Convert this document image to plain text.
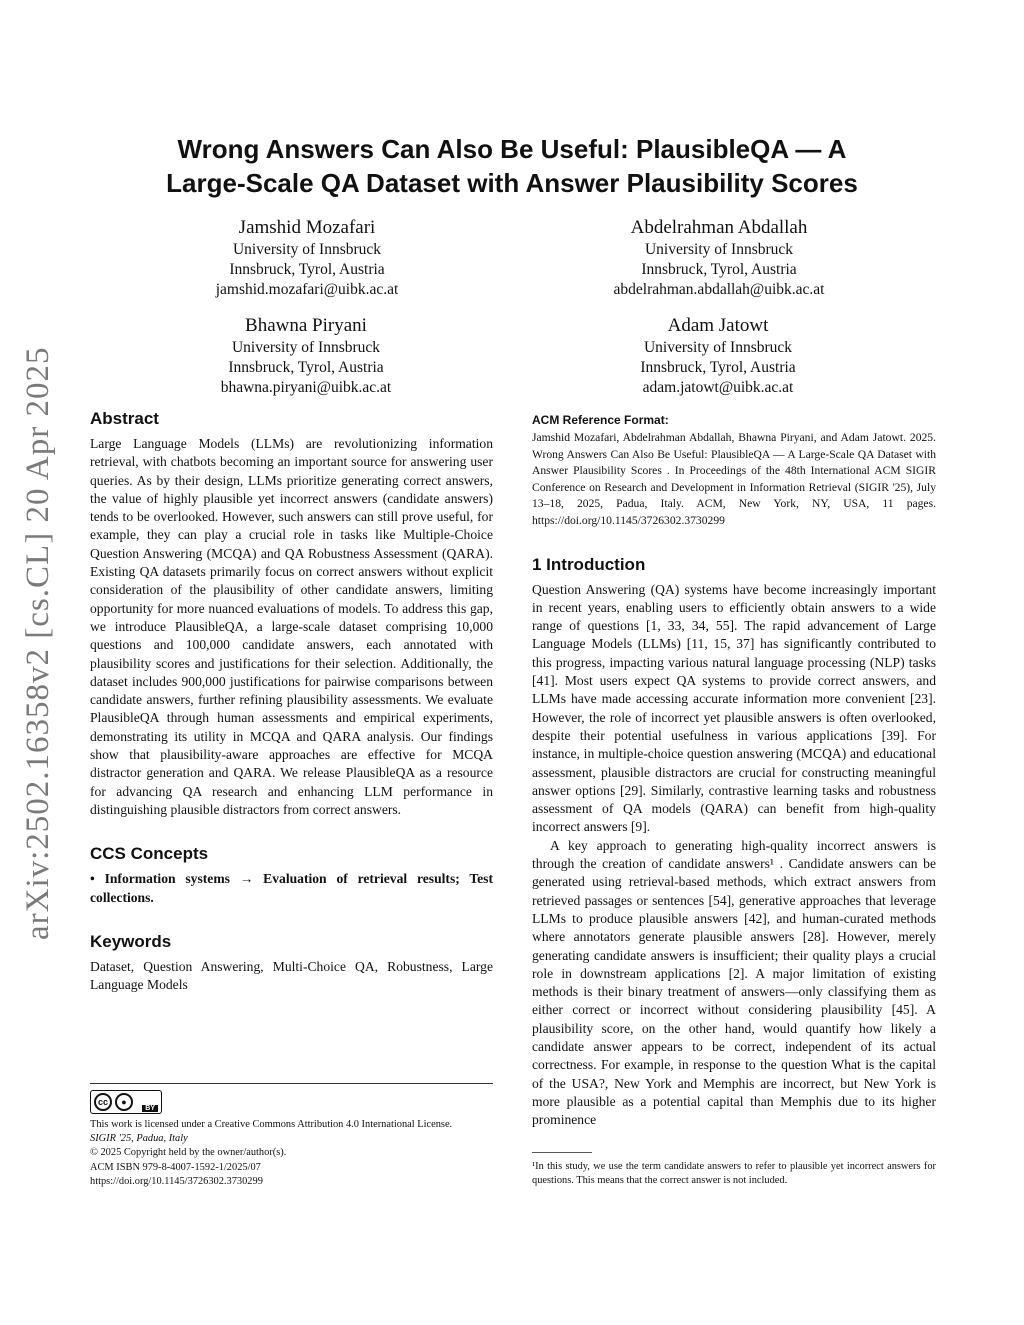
arXiv:2502.16358v2 [cs.CL] 20 Apr 2025
Wrong Answers Can Also Be Useful: PlausibleQA — A
Large-Scale QA Dataset with Answer Plausibility Scores
Jamshid Mozafari
University of Innsbruck
Innsbruck, Tyrol, Austria
jamshid.mozafari@uibk.ac.at
Abdelrahman Abdallah
University of Innsbruck
Innsbruck, Tyrol, Austria
abdelrahman.abdallah@uibk.ac.at
Bhawna Piryani
University of Innsbruck
Innsbruck, Tyrol, Austria
bhawna.piryani@uibk.ac.at
Adam Jatowt
University of Innsbruck
Innsbruck, Tyrol, Austria
adam.jatowt@uibk.ac.at
Abstract

Large Language Models (LLMs) are revolutionizing information retrieval, with chatbots becoming an important source for answering user queries. As by their design, LLMs prioritize generating correct answers, the value of highly plausible yet incorrect answers (candidate answers) tends to be overlooked. However, such answers can still prove useful, for example, they can play a crucial role in tasks like Multiple-Choice Question Answering (MCQA) and QA Robustness Assessment (QARA). Existing QA datasets primarily focus on correct answers without explicit consideration of the plausibility of other candidate answers, limiting opportunity for more nuanced evaluations of models. To address this gap, we introduce PlausibleQA, a large-scale dataset comprising 10,000 questions and 100,000 candidate answers, each annotated with plausibility scores and justifications for their selection. Additionally, the dataset includes 900,000 justifications for pairwise comparisons between candidate answers, further refining plausibility assessments. We evaluate PlausibleQA through human assessments and empirical experiments, demonstrating its utility in MCQA and QARA analysis. Our findings show that plausibility-aware approaches are effective for MCQA distractor generation and QARA. We release PlausibleQA as a resource for advancing QA research and enhancing LLM performance in distinguishing plausible distractors from correct answers.

CCS Concepts

• Information systems → Evaluation of retrieval results; Test collections.

Keywords

Dataset, Question Answering, Multi-Choice QA, Robustness, Large Language Models

cc	●
BY
This work is licensed under a Creative Commons Attribution 4.0 International License.
SIGIR '25, Padua, Italy
© 2025 Copyright held by the owner/author(s).
ACM ISBN 979-8-4007-1592-1/2025/07
https://doi.org/10.1145/3726302.3730299
ACM Reference Format:
Jamshid Mozafari, Abdelrahman Abdallah, Bhawna Piryani, and Adam Jatowt. 2025. Wrong Answers Can Also Be Useful: PlausibleQA — A Large-Scale QA Dataset with Answer Plausibility Scores . In Proceedings of the 48th International ACM SIGIR Conference on Research and Development in Information Retrieval (SIGIR '25), July 13–18, 2025, Padua, Italy. ACM, New York, NY, USA, 11 pages. https://doi.org/10.1145/3726302.3730299
1 Introduction

Question Answering (QA) systems have become increasingly important in recent years, enabling users to efficiently obtain answers to a wide range of questions [1, 33, 34, 55]. The rapid advancement of Large Language Models (LLMs) [11, 15, 37] has significantly contributed to this progress, impacting various natural language processing (NLP) tasks [41]. Most users expect QA systems to provide correct answers, and LLMs have made accessing accurate information more convenient [23]. However, the role of incorrect yet plausible answers is often overlooked, despite their potential usefulness in various applications [39]. For instance, in multiple-choice question answering (MCQA) and educational assessment, plausible distractors are crucial for constructing meaningful answer options [29]. Similarly, contrastive learning tasks and robustness assessment of QA models (QARA) can benefit from high-quality incorrect answers [9].

A key approach to generating high-quality incorrect answers is through the creation of candidate answers¹ . Candidate answers can be generated using retrieval-based methods, which extract answers from retrieved passages or sentences [54], generative approaches that leverage LLMs to produce plausible answers [42], and human-curated methods where annotators generate plausible answers [28]. However, merely generating candidate answers is insufficient; their quality plays a crucial role in downstream applications [2]. A major limitation of existing methods is their binary treatment of answers—only classifying them as either correct or incorrect without considering plausibility [45]. A plausibility score, on the other hand, would quantify how likely a candidate answer appears to be correct, independent of its actual correctness. For example, in response to the question What is the capital of the USA?, New York and Memphis are incorrect, but New York is more plausible as a potential capital than Memphis due to its higher prominence

¹In this study, we use the term candidate answers to refer to plausible yet incorrect answers for questions. This means that the correct answer is not included.
